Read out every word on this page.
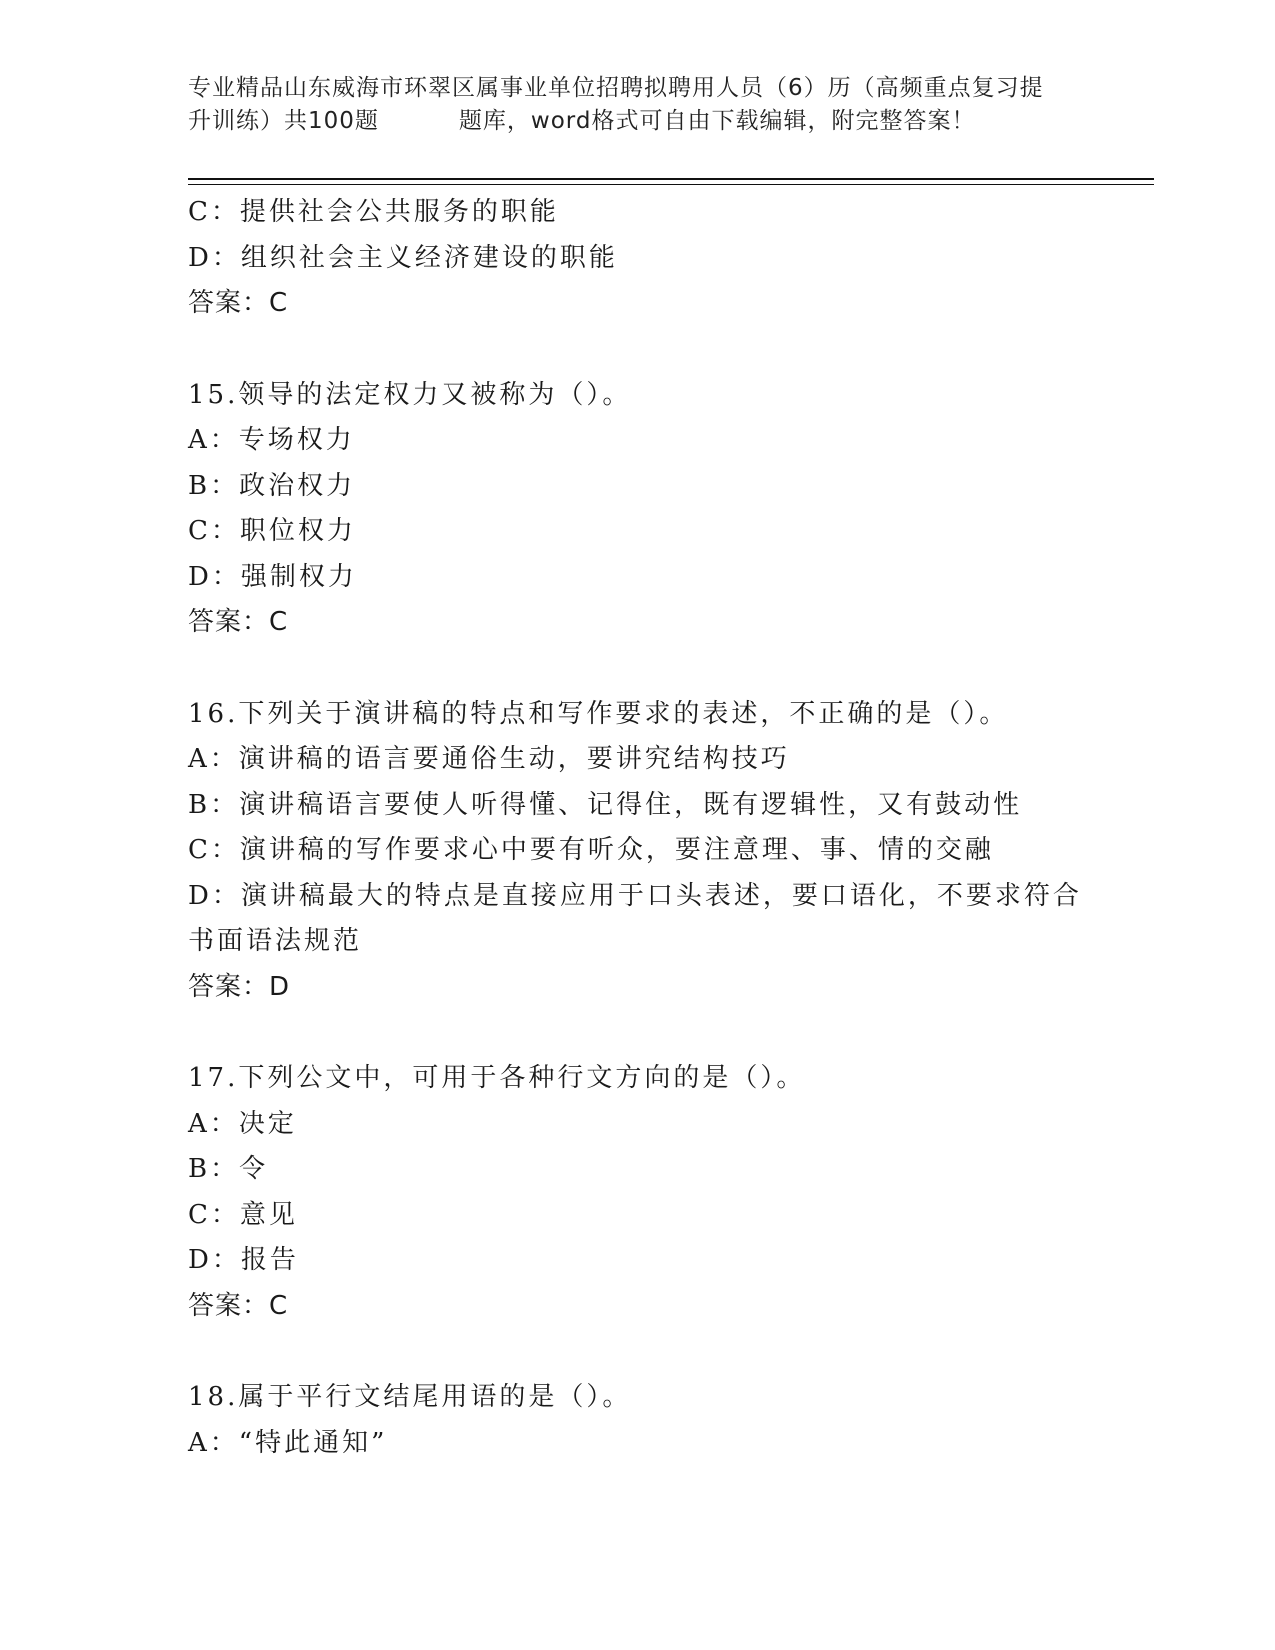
专业精品山东威海市环翠区属事业单位招聘拟聘用人员（6）历（高频重点复习提
升训练）共100题	题库，word格式可自由下载编辑，附完整答案！
C：提供社会公共服务的职能
D：组织社会主义经济建设的职能
答案：C
15.领导的法定权力又被称为（）。
A：专场权力
B：政治权力
C：职位权力
D：强制权力
答案：C
16.下列关于演讲稿的特点和写作要求的表述，不正确的是（）。
A：演讲稿的语言要通俗生动，要讲究结构技巧
B：演讲稿语言要使人听得懂、记得住，既有逻辑性，又有鼓动性
C：演讲稿的写作要求心中要有听众，要注意理、事、情的交融
D：演讲稿最大的特点是直接应用于口头表述，要口语化，不要求符合
书面语法规范
答案：D
17.下列公文中，可用于各种行文方向的是（）。
A：决定
B：令
C：意见
D：报告
答案：C
18.属于平行文结尾用语的是（）。
A：“特此通知”
